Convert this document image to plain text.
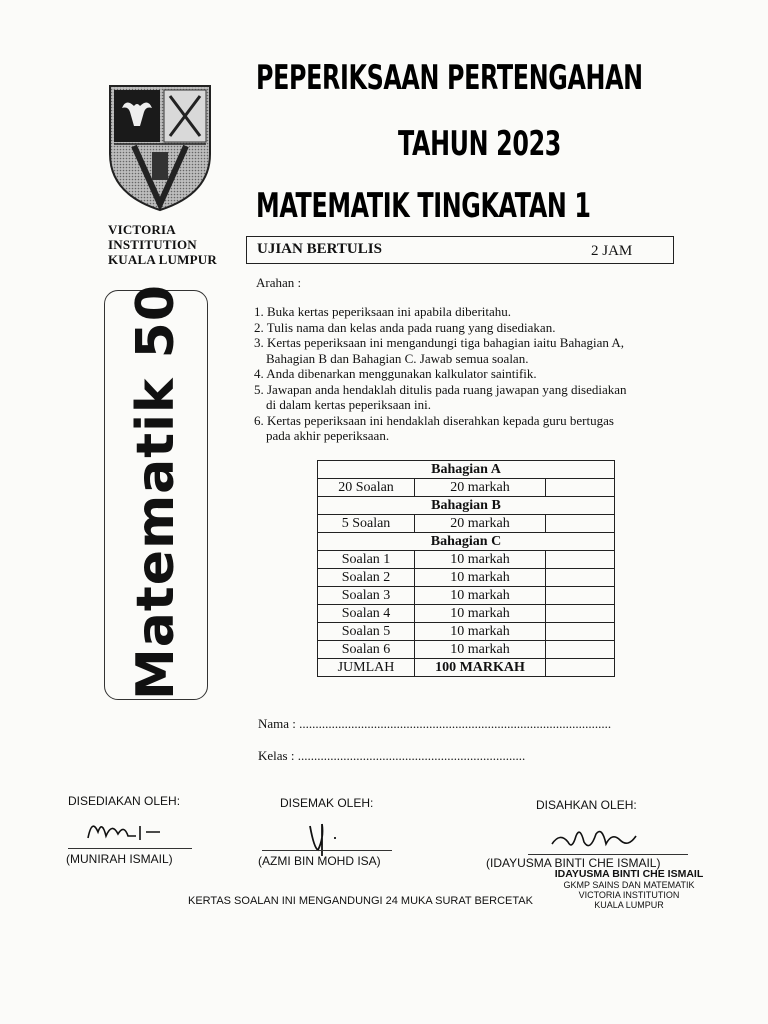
VICTORIA
INSTITUTION
KUALA LUMPUR
PEPERIKSAAN PERTENGAHAN
TAHUN 2023
MATEMATIK TINGKATAN 1
UJIAN BERTULIS	2 JAM
Matematik 50
Arahan :
1. Buka kertas peperiksaan ini apabila diberitahu.
2. Tulis nama dan kelas anda pada ruang yang disediakan.
3. Kertas peperiksaan ini mengandungi tiga bahagian iaitu Bahagian A,
Bahagian B dan Bahagian C. Jawab semua soalan.
4. Anda dibenarkan menggunakan kalkulator saintifik.
5. Jawapan anda hendaklah ditulis pada ruang jawapan yang disediakan
di dalam kertas peperiksaan ini.
6. Kertas peperiksaan ini hendaklah diserahkan kepada guru bertugas
pada akhir peperiksaan.
Bahagian A		
20 Soalan	20 markah	
Bahagian B		
5 Soalan	20 markah	
Bahagian C		
Soalan 1	10 markah	
Soalan 2	10 markah	
Soalan 3	10 markah	
Soalan 4	10 markah	
Soalan 5	10 markah	
Soalan 6	10 markah	
JUMLAH	100 MARKAH	
Nama : ................................................................................................
Kelas : ......................................................................
DISEDIAKAN OLEH:	DISEMAK OLEH:	DISAHKAN OLEH:
(MUNIRAH ISMAIL)	(AZMI BIN MOHD ISA)	(IDAYUSMA BINTI CHE ISMAIL)
IDAYUSMA BINTI CHE ISMAIL
GKMP SAINS DAN MATEMATIK
VICTORIA INSTITUTION
KUALA LUMPUR
KERTAS SOALAN INI MENGANDUNGI 24 MUKA SURAT BERCETAK
